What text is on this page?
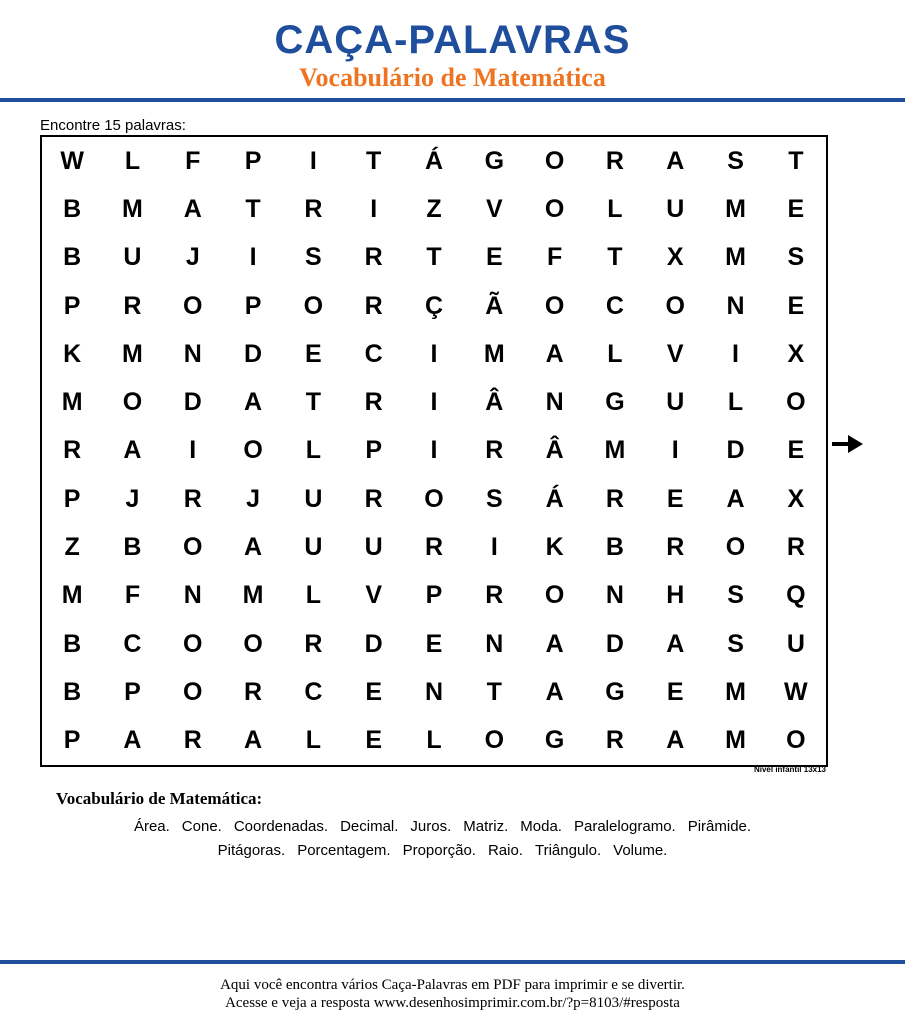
CAÇA-PALAVRAS
Vocabulário de Matemática
Encontre 15 palavras:
W	L	F	P	I	T	Á	G	O	R	A	S	T
B	M	A	T	R	I	Z	V	O	L	U	M	E
B	U	J	I	S	R	T	E	F	T	X	M	S
P	R	O	P	O	R	Ç	Ã	O	C	O	N	E
K	M	N	D	E	C	I	M	A	L	V	I	X
M	O	D	A	T	R	I	Â	N	G	U	L	O
R	A	I	O	L	P	I	R	Â	M	I	D	E
P	J	R	J	U	R	O	S	Á	R	E	A	X
Z	B	O	A	U	U	R	I	K	B	R	O	R
M	F	N	M	L	V	P	R	O	N	H	S	Q
B	C	O	O	R	D	E	N	A	D	A	S	U
B	P	O	R	C	E	N	T	A	G	E	M	W
P	A	R	A	L	E	L	O	G	R	A	M	O
Nível infantil 13x13
Vocabulário de Matemática:
Área. Cone. Coordenadas. Decimal. Juros. Matriz. Moda. Paralelogramo. Pirâmide.
Pitágoras. Porcentagem. Proporção. Raio. Triângulo. Volume.
Aqui você encontra vários Caça-Palavras em PDF para imprimir e se divertir.
Acesse e veja a resposta www.desenhosimprimir.com.br/?p=8103/#resposta
